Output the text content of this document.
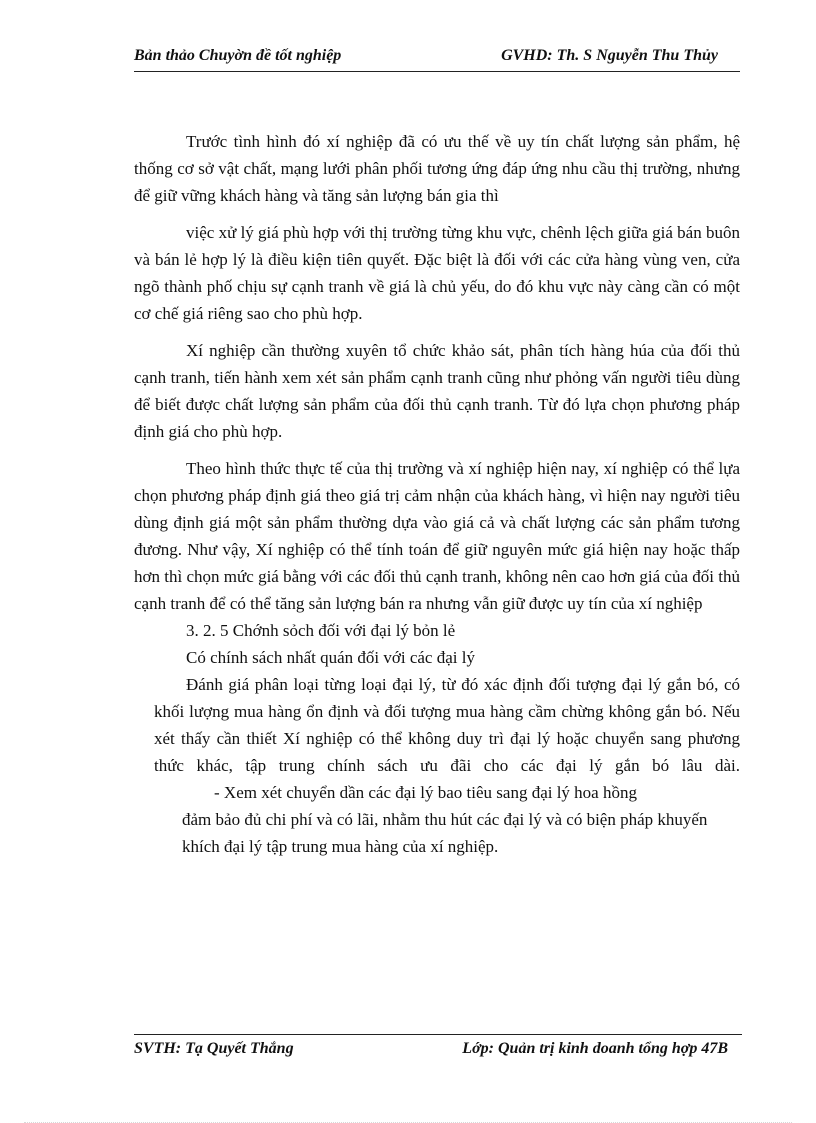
Bản thảo Chuyờn đề tốt nghiệp	GVHD: Th. S Nguyễn Thu Thủy

Trước tình hình đó xí nghiệp đã có ưu thế về uy tín chất lượng sản phẩm, hệ thống cơ sở vật chất, mạng lưới phân phối tương ứng đáp ứng nhu cầu thị trường, nhưng để giữ vững khách hàng và tăng sản lượng bán gia thì

việc xử lý giá phù hợp với thị trường từng khu vực, chênh lệch giữa giá bán buôn và bán lẻ hợp lý là điều kiện tiên quyết. Đặc biệt là đối với các cửa hàng vùng ven, cửa ngõ thành phố chịu sự cạnh tranh về giá là chủ yếu, do đó khu vực này càng cần có một cơ chế giá riêng sao cho phù hợp.

Xí nghiệp cần thường xuyên tổ chức khảo sát, phân tích hàng húa của đối thủ cạnh tranh, tiến hành xem xét sản phẩm cạnh tranh cũng như phỏng vấn người tiêu dùng để biết được chất lượng sản phẩm của đối thủ cạnh tranh. Từ đó lựa chọn phương pháp định giá cho phù hợp.

Theo hình thức thực tế của thị trường và xí nghiệp hiện nay, xí nghiệp có thể lựa chọn phương pháp định giá theo giá trị cảm nhận của khách hàng, vì hiện nay người tiêu dùng định giá một sản phẩm thường dựa vào giá cả và chất lượng các sản phẩm tương đương. Như vậy, Xí nghiệp có thể tính toán để giữ nguyên mức giá hiện nay hoặc thấp hơn thì chọn mức giá bằng với các đối thủ cạnh tranh, không nên cao hơn giá của đối thủ cạnh tranh để có thể tăng sản lượng bán ra nhưng vẫn giữ được uy tín của xí nghiệp

3. 2. 5 Chớnh sỏch đối với đại lý bỏn lẻ

Có chính sách nhất quán đối với các đại lý

Đánh giá phân loại từng loại đại lý, từ đó xác định đối tượng đại lý gắn bó, có khối lượng mua hàng ổn định và đối tượng mua hàng cầm chừng không gắn bó. Nếu xét thấy cần thiết Xí nghiệp có thể không duy trì đại lý hoặc chuyển sang phương thức khác, tập trung chính sách ưu đãi cho các đại lý gắn bó lâu dài.

- Xem xét chuyển dần các đại lý bao tiêu sang đại lý hoa hồng
đảm bảo đủ chi phí và có lãi, nhằm thu hút các đại lý và có biện pháp khuyến khích đại lý tập trung mua hàng của xí nghiệp.

SVTH: Tạ Quyết Thắng	Lớp: Quản trị kinh doanh tổng hợp 47B
